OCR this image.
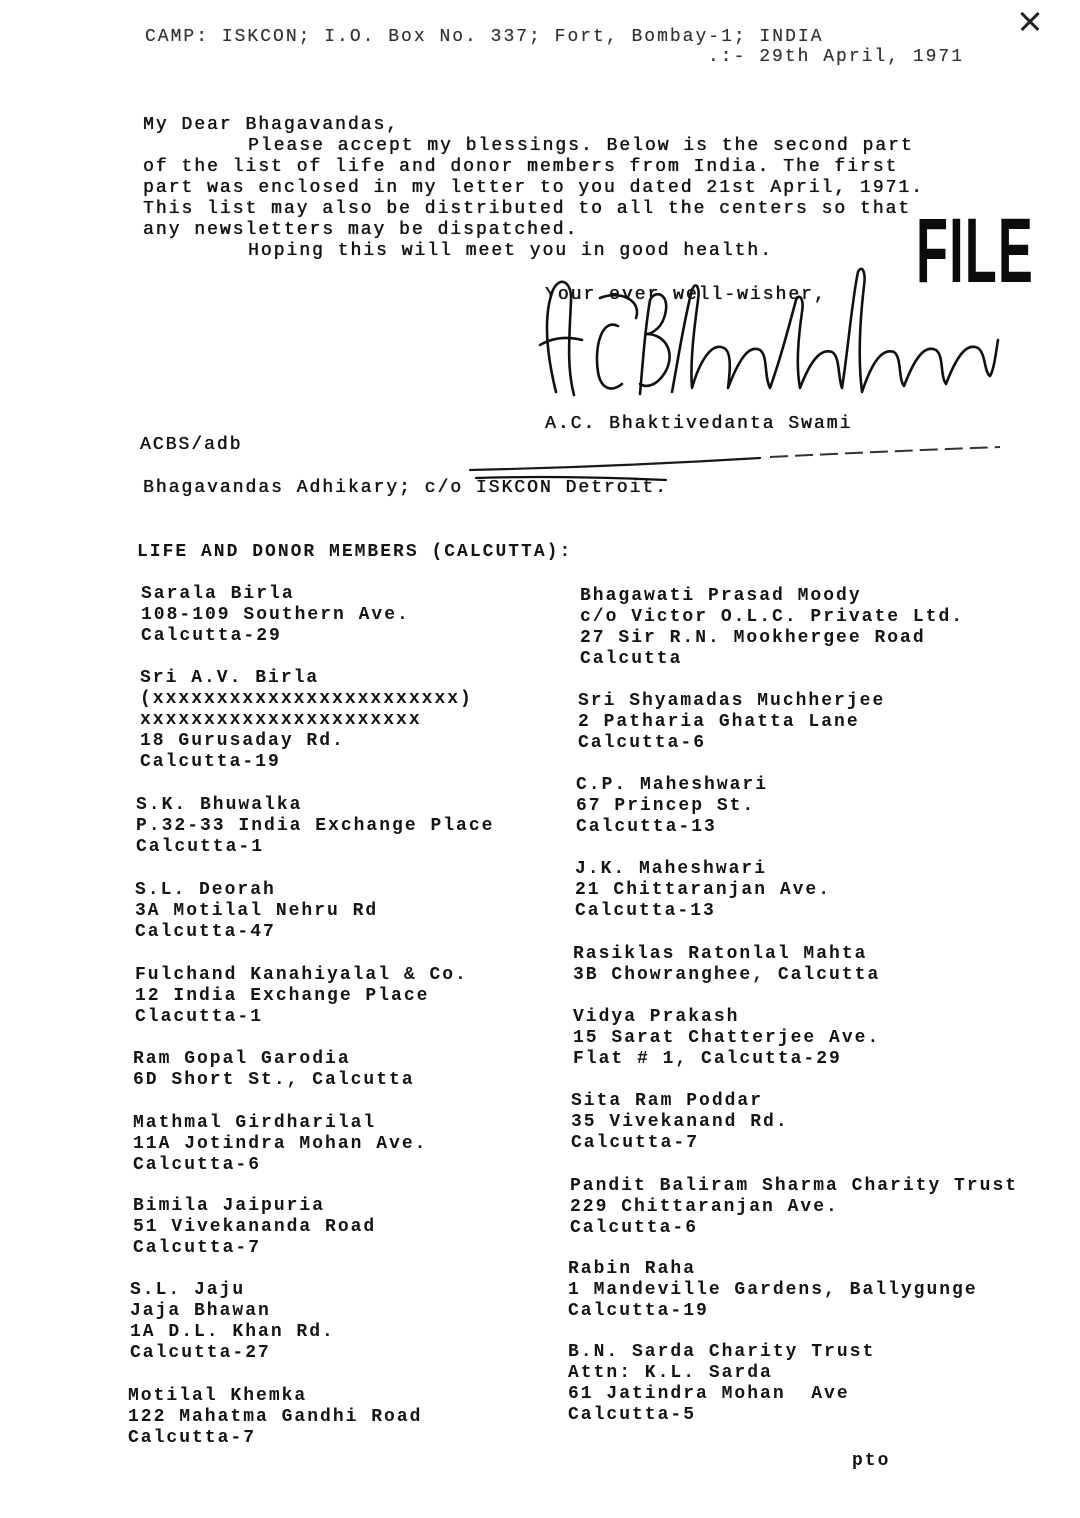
CAMP: ISKCON; I.O. Box No. 337; Fort, Bombay-1; INDIA
.:- 29th April, 1971
My Dear Bhagavandas,
Please accept my blessings. Below is the second part
of the list of life and donor members from India. The first
part was enclosed in my letter to you dated 21st April, 1971.
This list may also be distributed to all the centers so that
any newsletters may be dispatched.
Hoping this will meet you in good health.
Your ever well-wisher,
A.C. Bhaktivedanta Swami
ACBS/adb
Bhagavandas Adhikary; c/o ISKCON Detroit.
FILE
LIFE AND DONOR MEMBERS (CALCUTTA):
Sarala Birla
108-109 Southern Ave.
Calcutta-29
Sri A.V. Birla
(xxxxxxxxxxxxxxxxxxxxxxxx)
xxxxxxxxxxxxxxxxxxxxxx
18 Gurusaday Rd.
Calcutta-19
S.K. Bhuwalka
P.32-33 India Exchange Place
Calcutta-1
S.L. Deorah
3A Motilal Nehru Rd
Calcutta-47
Fulchand Kanahiyalal & Co.
12 India Exchange Place
Clacutta-1
Ram Gopal Garodia
6D Short St., Calcutta
Mathmal Girdharilal
11A Jotindra Mohan Ave.
Calcutta-6
Bimila Jaipuria
51 Vivekananda Road
Calcutta-7
S.L. Jaju
Jaja Bhawan
1A D.L. Khan Rd.
Calcutta-27
Motilal Khemka
122 Mahatma Gandhi Road
Calcutta-7
Bhagawati Prasad Moody
c/o Victor O.L.C. Private Ltd.
27 Sir R.N. Mookhergee Road
Calcutta
Sri Shyamadas Muchherjee
2 Patharia Ghatta Lane
Calcutta-6
C.P. Maheshwari
67 Princep St.
Calcutta-13
J.K. Maheshwari
21 Chittaranjan Ave.
Calcutta-13
Rasiklas Ratonlal Mahta
3B Chowranghee, Calcutta
Vidya Prakash
15 Sarat Chatterjee Ave.
Flat # 1, Calcutta-29
Sita Ram Poddar
35 Vivekanand Rd.
Calcutta-7
Pandit Baliram Sharma Charity Trust
229 Chittaranjan Ave.
Calcutta-6
Rabin Raha
1 Mandeville Gardens, Ballygunge
Calcutta-19
B.N. Sarda Charity Trust
Attn: K.L. Sarda
61 Jatindra Mohan  Ave
Calcutta-5
pto
